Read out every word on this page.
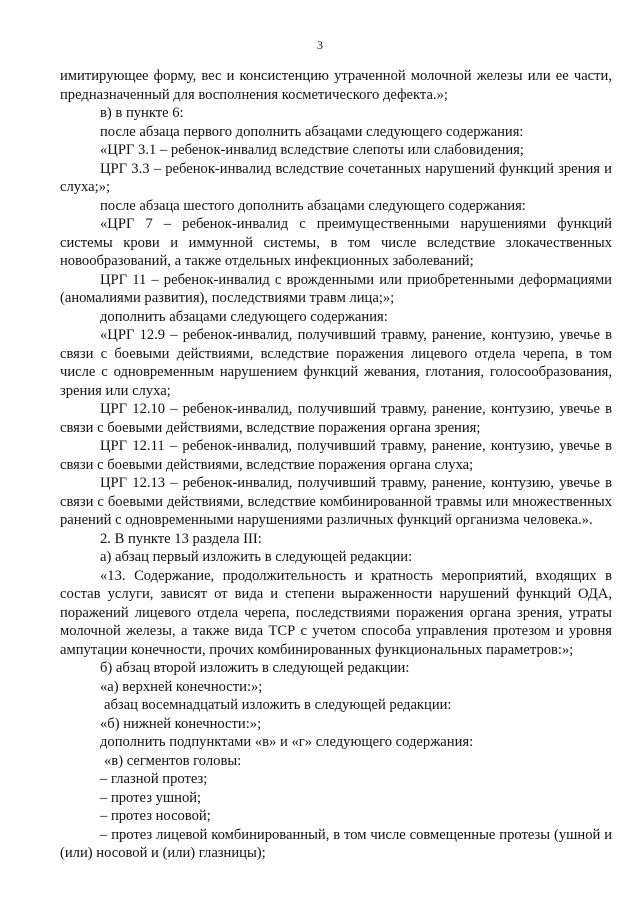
3

имитирующее форму, вес и консистенцию утраченной молочной железы или ее части, предназначенный для восполнения косметического дефекта.»;

в) в пункте 6:

после абзаца первого дополнить абзацами следующего содержания:

«ЦРГ 3.1 – ребенок-инвалид вследствие слепоты или слабовидения;

ЦРГ 3.3 – ребенок-инвалид вследствие сочетанных нарушений функций зрения и слуха;»;

после абзаца шестого дополнить абзацами следующего содержания:

«ЦРГ 7 – ребенок-инвалид с преимущественными нарушениями функций системы крови и иммунной системы, в том числе вследствие злокачественных новообразований, а также отдельных инфекционных заболеваний;

ЦРГ 11 – ребенок-инвалид с врожденными или приобретенными деформациями (аномалиями развития), последствиями травм лица;»;

дополнить абзацами следующего содержания:

«ЦРГ 12.9 – ребенок-инвалид, получивший травму, ранение, контузию, увечье в связи с боевыми действиями, вследствие поражения лицевого отдела черепа, в том числе с одновременным нарушением функций жевания, глотания, голосообразования, зрения или слуха;

ЦРГ 12.10 – ребенок-инвалид, получивший травму, ранение, контузию, увечье в связи с боевыми действиями, вследствие поражения органа зрения;

ЦРГ 12.11 – ребенок-инвалид, получивший травму, ранение, контузию, увечье в связи с боевыми действиями, вследствие поражения органа слуха;

ЦРГ 12.13 – ребенок-инвалид, получивший травму, ранение, контузию, увечье в связи с боевыми действиями, вследствие комбинированной травмы или множественных ранений с одновременными нарушениями различных функций организма человека.».

2. В пункте 13 раздела III:

а) абзац первый изложить в следующей редакции:

«13. Содержание, продолжительность и кратность мероприятий, входящих в состав услуги, зависят от вида и степени выраженности нарушений функций ОДА, поражений лицевого отдела черепа, последствиями поражения органа зрения, утраты молочной железы, а также вида ТСР с учетом способа управления протезом и уровня ампутации конечности, прочих комбинированных функциональных параметров:»;

б) абзац второй изложить в следующей редакции:

«а) верхней конечности:»;

абзац восемнадцатый изложить в следующей редакции:

«б) нижней конечности:»;

дополнить подпунктами «в» и «г» следующего содержания:

«в) сегментов головы:

– глазной протез;

– протез ушной;

– протез носовой;

– протез лицевой комбинированный, в том числе совмещенные протезы (ушной и (или) носовой и (или) глазницы);
